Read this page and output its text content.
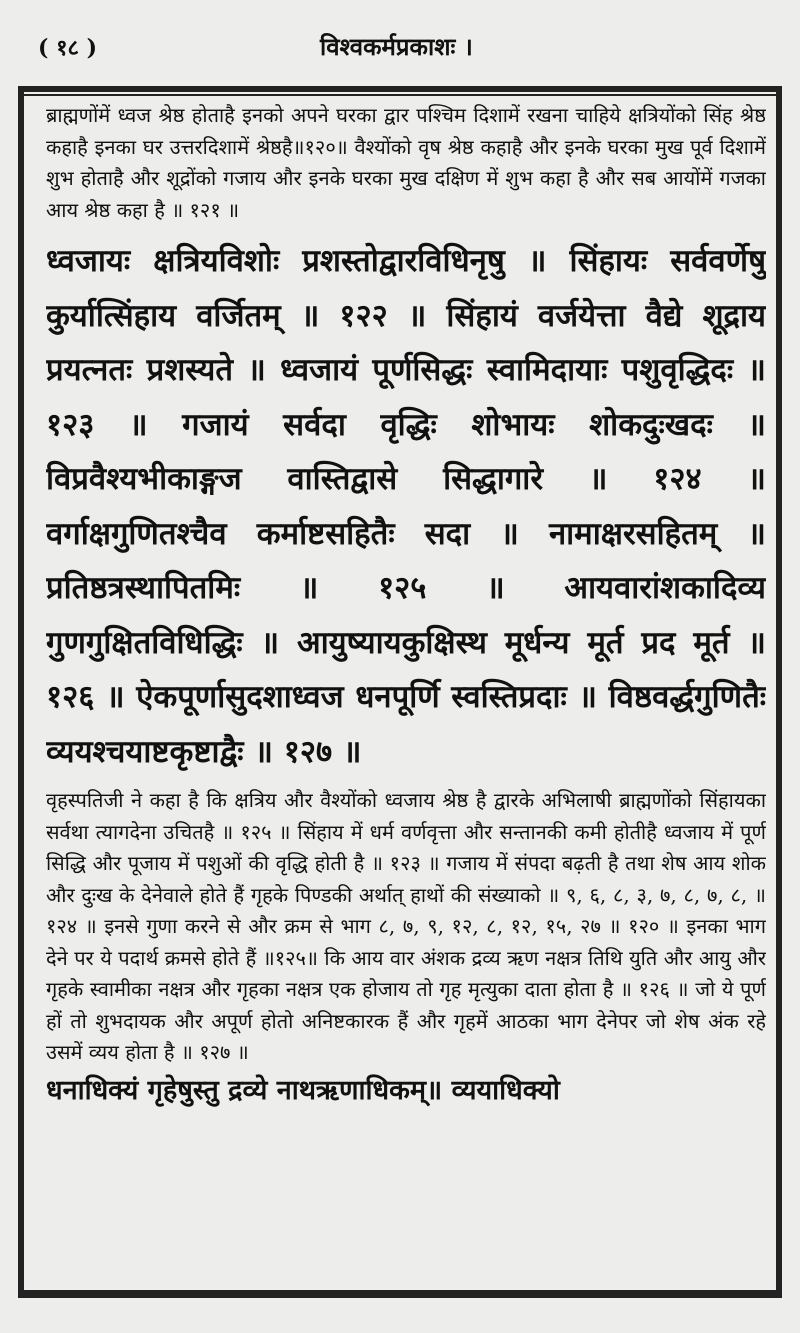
( १८ )	विश्वकर्मप्रकाशः ।

ब्राह्मणोंमें ध्वज श्रेष्ठ होताहै इनको अपने घरका द्वार पश्चिम दिशामें रखना चाहिये क्षत्रियोंको सिंह श्रेष्ठ कहाहै इनका घर उत्तरदिशामें श्रेष्ठहै॥१२०॥ वैश्योंको वृष श्रेष्ठ कहाहै और इनके घरका मुख पूर्व दिशामें शुभ होताहै और शूद्रोंको गजाय और इनके घरका मुख दक्षिण में शुभ कहा है और सब आयोंमें गजका आय श्रेष्ठ कहा है ॥ १२१ ॥

ध्वजायः क्षत्रियविशोः प्रशस्तोद्वारविधिनृषु ॥ सिंहायः सर्ववर्णेषु कुर्यात्सिंहाय वर्जितम् ॥ १२२ ॥ सिंहायं वर्जयेत्ता वैद्ये शूद्राय प्रयत्नतः प्रशस्यते ॥ ध्वजायं पूर्णसिद्धः स्वामिदायाः पशुवृद्धिदः ॥ १२३ ॥ गजायं सर्वदा वृद्धिः शोभायः शोकदुःखदः ॥ विप्रवैश्यभीकाङ्गज वास्तिद्वासे सिद्धागारे ॥ १२४ ॥ वर्गाक्षगुणितश्चैव कर्माष्टसहितैः सदा ॥ नामाक्षरसहितम् ॥ प्रतिष्ठत्रस्थापितमिः ॥ १२५ ॥ आयवारांशकादिव्य गुणगुक्षितविधिद्धिः ॥ आयुष्यायकुक्षिस्थ मूर्धन्य मूर्त प्रद मूर्त ॥ १२६ ॥ ऐकपूर्णासुदशाध्वज धनपूर्णि स्वस्तिप्रदाः ॥ विष्ठवर्द्धगुणितैः व्ययश्चयाष्टकृष्टाद्वैः ॥ १२७ ॥

वृहस्पतिजी ने कहा है कि क्षत्रिय और वैश्योंको ध्वजाय श्रेष्ठ है द्वारके अभिलाषी ब्राह्मणोंको सिंहायका सर्वथा त्यागदेना उचितहै ॥ १२५ ॥ सिंहाय में धर्म वर्णवृत्ता और सन्तानकी कमी होतीहै ध्वजाय में पूर्ण सिद्धि और पूजाय में पशुओं की वृद्धि होती है ॥ १२३ ॥ गजाय में संपदा बढ़ती है तथा शेष आय शोक और दुःख के देनेवाले होते हैं गृहके पिण्डकी अर्थात् हाथों की संख्याको ॥ ९, ६, ८, ३, ७, ८, ७, ८, ॥ १२४ ॥ इनसे गुणा करने से और क्रम से भाग ८, ७, ९, १२, ८, १२, १५, २७ ॥ १२० ॥ इनका भाग देने पर ये पदार्थ क्रमसे होते हैं ॥१२५॥ कि आय वार अंशक द्रव्य ऋण नक्षत्र तिथि युति और आयु और गृहके स्वामीका नक्षत्र और गृहका नक्षत्र एक होजाय तो गृह मृत्युका दाता होता है ॥ १२६ ॥ जो ये पूर्ण हों तो शुभदायक और अपूर्ण होतो अनिष्टकारक हैं और गृहमें आठका भाग देनेपर जो शेष अंक रहे उसमें व्यय होता है ॥ १२७ ॥

धनाधिक्यं गृहेषुस्तु द्रव्ये नाथऋणाधिकम्॥ व्ययाधिक्यो
